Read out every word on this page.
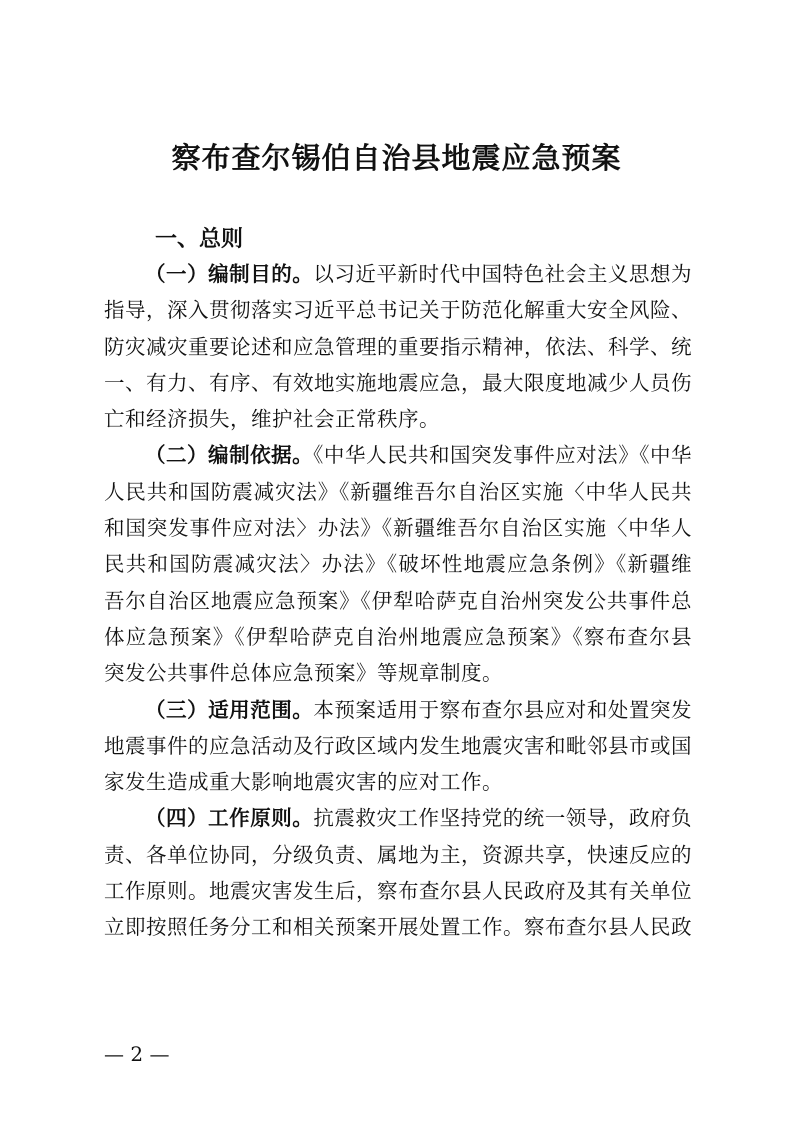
察布查尔锡伯自治县地震应急预案
一、总则

（一）编制目的。以习近平新时代中国特色社会主义思想为指导，深入贯彻落实习近平总书记关于防范化解重大安全风险、防灾减灾重要论述和应急管理的重要指示精神，依法、科学、统一、有力、有序、有效地实施地震应急，最大限度地减少人员伤亡和经济损失，维护社会正常秩序。

（二）编制依据。《中华人民共和国突发事件应对法》《中华人民共和国防震减灾法》《新疆维吾尔自治区实施〈中华人民共和国突发事件应对法〉办法》《新疆维吾尔自治区实施〈中华人民共和国防震减灾法〉办法》《破坏性地震应急条例》《新疆维吾尔自治区地震应急预案》《伊犁哈萨克自治州突发公共事件总体应急预案》《伊犁哈萨克自治州地震应急预案》《察布查尔县突发公共事件总体应急预案》等规章制度。

（三）适用范围。本预案适用于察布查尔县应对和处置突发地震事件的应急活动及行政区域内发生地震灾害和毗邻县市或国家发生造成重大影响地震灾害的应对工作。

（四）工作原则。抗震救灾工作坚持党的统一领导，政府负责、各单位协同，分级负责、属地为主，资源共享，快速反应的工作原则。地震灾害发生后，察布查尔县人民政府及其有关单位立即按照任务分工和相关预案开展处置工作。察布查尔县人民政

— 2 —
